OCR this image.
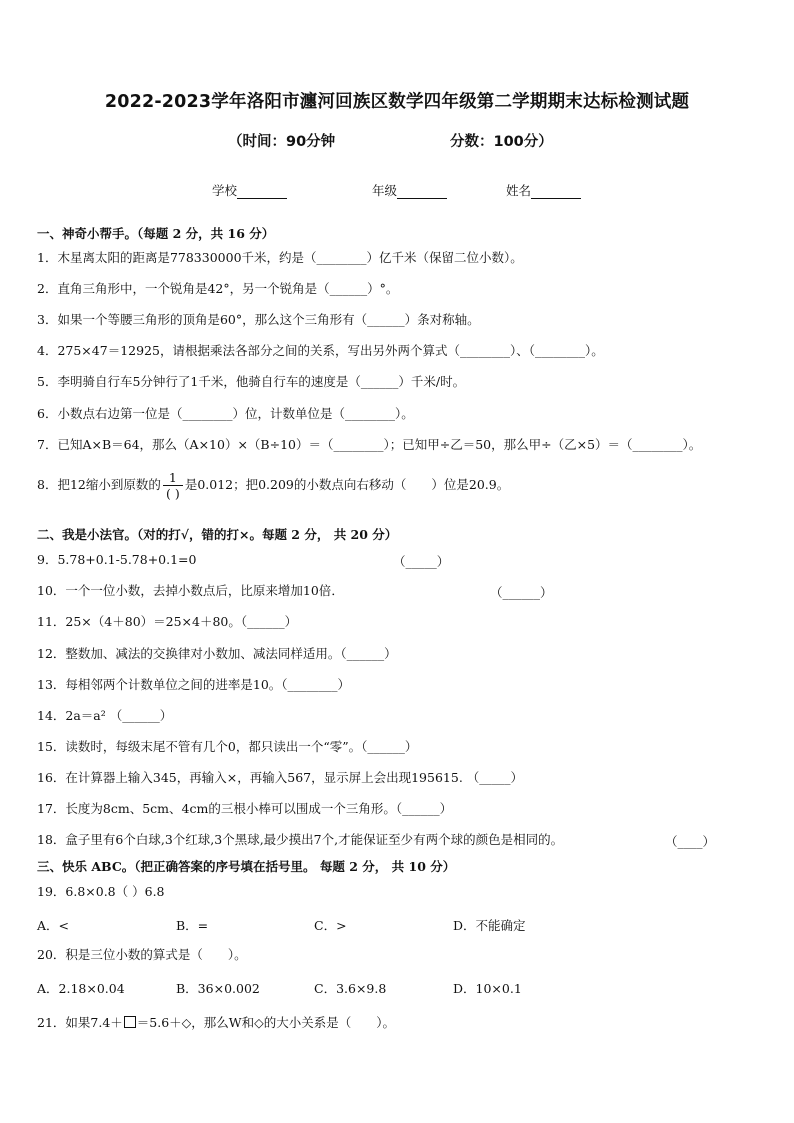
2022-2023学年洛阳市瀍河回族区数学四年级第二学期期末达标检测试题
（时间：90分钟	分数：100分）
学校	年级	姓名
一、神奇小帮手。（每题 2 分，共 16 分）
1．木星离太阳的距离是778330000千米，约是（________）亿千米（保留二位小数）。
2．直角三角形中，一个锐角是42°，另一个锐角是（______）°。
3．如果一个等腰三角形的顶角是60°，那么这个三角形有（______）条对称轴。
4．275×47＝12925，请根据乘法各部分之间的关系，写出另外两个算式（________）、（________）。
5．李明骑自行车5分钟行了1千米，他骑自行车的速度是（______）千米/时。
6．小数点右边第一位是（________）位，计数单位是（________）。
7．已知A×B＝64，那么（A×10）×（B÷10）＝（________）；已知甲÷乙＝50，那么甲÷（乙×5）＝（________）。
8．把12缩小到原数的 $\frac{1}{( )}$ 是0.012；把0.209的小数点向右移动（　　）位是20.9。
二、我是小法官。（对的打√，错的打×。每题 2 分， 共 20 分）
9．5.78+0.1-5.78+0.1=0	（_____）
10．一个一位小数，去掉小数点后，比原来增加10倍．	（______）
11．25×（4＋80）＝25×4＋80。（______）
12．整数加、减法的交换律对小数加、减法同样适用。（______）
13．每相邻两个计数单位之间的进率是10。（________）
14．2a＝a² （______）
15．读数时，每级末尾不管有几个0，都只读出一个“零”。（______）
16．在计算器上输入345，再输入×，再输入567，显示屏上会出现195615. （_____）
17．长度为8cm、5cm、4cm的三根小棒可以围成一个三角形。（______）
18．盒子里有6个白球,3个红球,3个黑球,最少摸出7个,才能保证至少有两个球的颜色是相同的。	（____）
三、快乐 ABC。（把正确答案的序号填在括号里。 每题 2 分， 共 10 分）
19．6.8×0.8（ ）6.8
A．<	B．=	C．>	D．不能确定
20．积是三位小数的算式是（　　）。
A．2.18×0.04	B．36×0.002	C．3.6×9.8	D．10×0.1
21．如果7.4＋ ＝5.6＋◇，那么W和◇的大小关系是（　　）。
